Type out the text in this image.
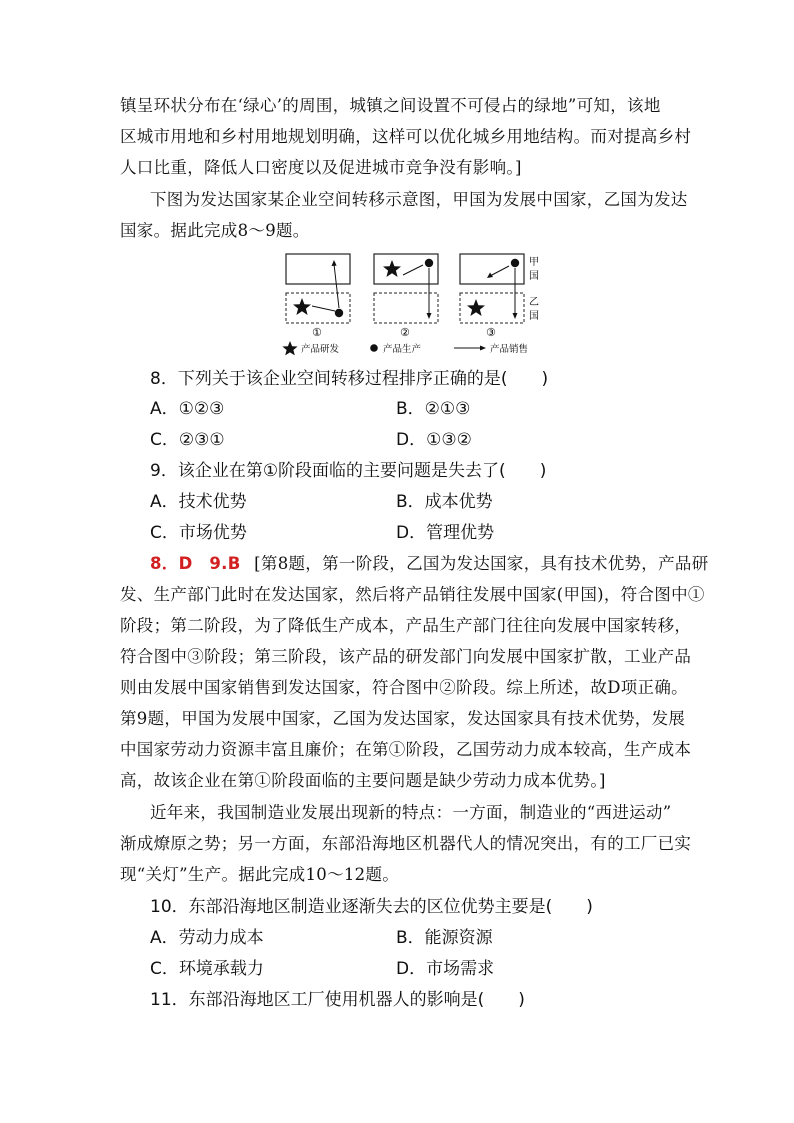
镇呈环状分布在‘绿心’的周围，城镇之间设置不可侵占的绿地”可知，该地
区城市用地和乡村用地规划明确，这样可以优化城乡用地结构。而对提高乡村
人口比重，降低人口密度以及促进城市竞争没有影响。]
下图为发达国家某企业空间转移示意图，甲国为发展中国家，乙国为发达
国家。据此完成8～9题。
甲
国
乙
国
①	②	③
产品研发	产品生产	产品销售
8．下列关于该企业空间转移过程排序正确的是(　　)
A．①②③	B．②①③
C．②③①	D．①③②
9．该企业在第①阶段面临的主要问题是失去了(　　)
A．技术优势	B．成本优势
C．市场优势	D．管理优势
8．D　9.B [第8题，第一阶段，乙国为发达国家，具有技术优势，产品研
发、生产部门此时在发达国家，然后将产品销往发展中国家(甲国)，符合图中①
阶段；第二阶段，为了降低生产成本，产品生产部门往往向发展中国家转移，
符合图中③阶段；第三阶段，该产品的研发部门向发展中国家扩散，工业产品
则由发展中国家销售到发达国家，符合图中②阶段。综上所述，故D项正确。
第9题，甲国为发展中国家，乙国为发达国家，发达国家具有技术优势，发展
中国家劳动力资源丰富且廉价；在第①阶段，乙国劳动力成本较高，生产成本
高，故该企业在第①阶段面临的主要问题是缺少劳动力成本优势。]
近年来，我国制造业发展出现新的特点：一方面，制造业的“西进运动”
渐成燎原之势；另一方面，东部沿海地区机器代人的情况突出，有的工厂已实
现“关灯”生产。据此完成10～12题。
10．东部沿海地区制造业逐渐失去的区位优势主要是(　　)
A．劳动力成本	B．能源资源
C．环境承载力	D．市场需求
11．东部沿海地区工厂使用机器人的影响是(　　)
